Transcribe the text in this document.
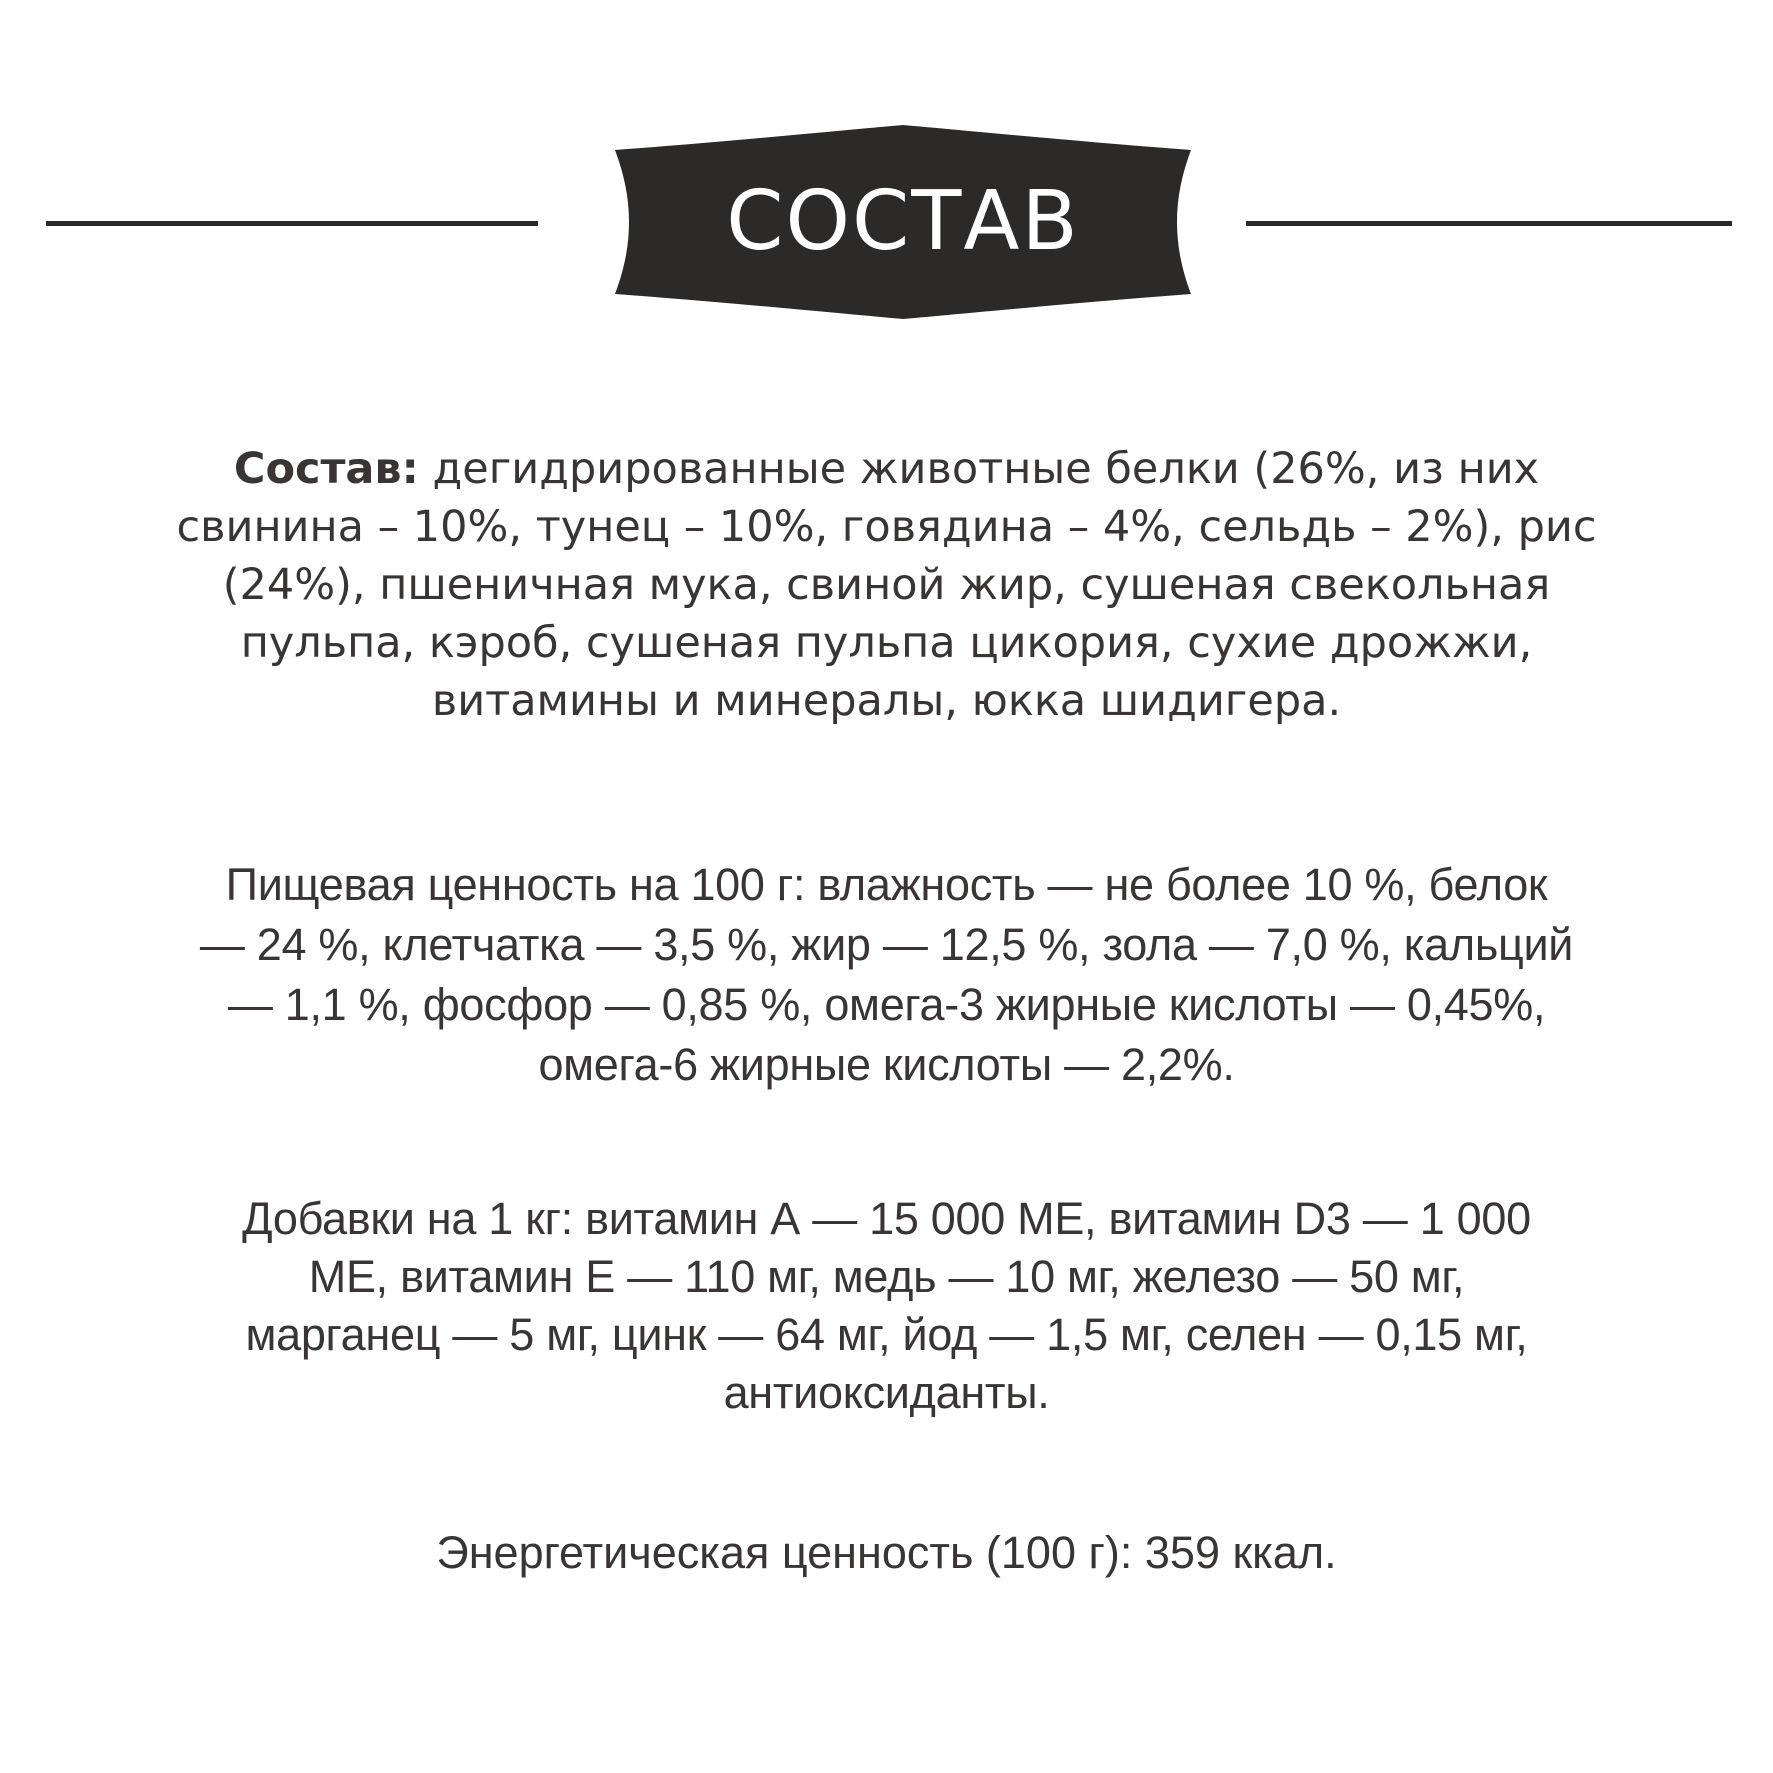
СОСТАВ
Состав: дегидрированные животные белки (26%, из них
свинина – 10%, тунец – 10%, говядина – 4%, сельдь – 2%), рис
(24%), пшеничная мука, свиной жир, сушеная свекольная
пульпа, кэроб, сушеная пульпа цикория, сухие дрожжи,
витамины и минералы, юкка шидигера.
Пищевая ценность на 100 г: влажность — не более 10 %, белок
— 24 %, клетчатка — 3,5 %, жир — 12,5 %, зола — 7,0 %, кальций
— 1,1 %, фосфор — 0,85 %, омега-3 жирные кислоты — 0,45%,
омега-6 жирные кислоты — 2,2%.
Добавки на 1 кг: витамин А — 15 000 МЕ, витамин D3 — 1 000
МЕ, витамин Е — 110 мг, медь — 10 мг, железо — 50 мг,
марганец — 5 мг, цинк — 64 мг, йод — 1,5 мг, селен — 0,15 мг,
антиоксиданты.
Энергетическая ценность (100 г): 359 ккал.
